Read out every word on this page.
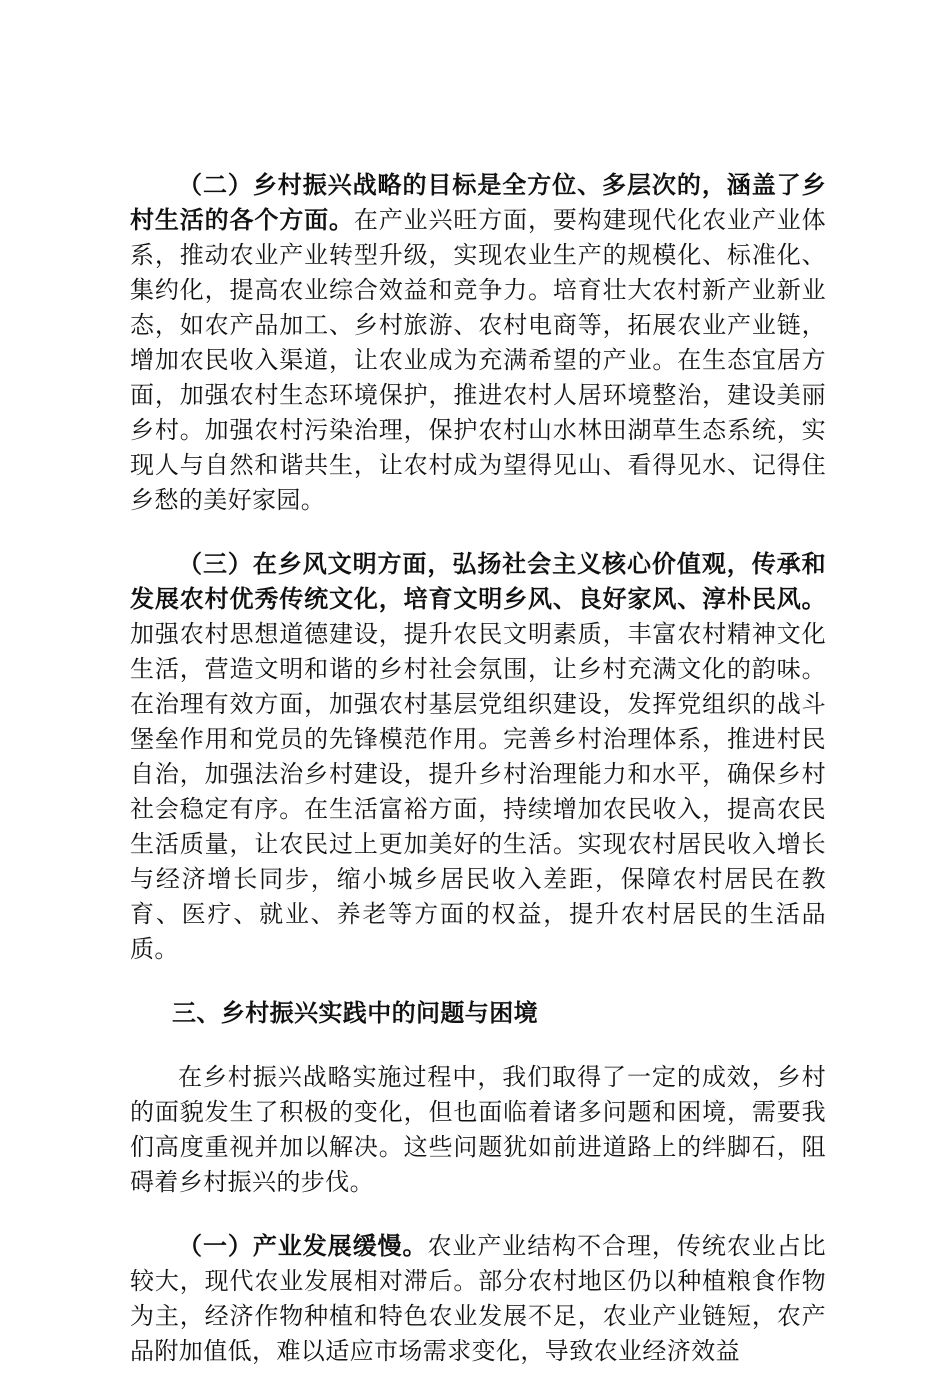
（二）乡村振兴战略的目标是全方位、多层次的，涵盖了乡村生活的各个方面。在产业兴旺方面，要构建现代化农业产业体系，推动农业产业转型升级，实现农业生产的规模化、标准化、集约化，提高农业综合效益和竞争力。培育壮大农村新产业新业态，如农产品加工、乡村旅游、农村电商等，拓展农业产业链，增加农民收入渠道，让农业成为充满希望的产业。在生态宜居方面，加强农村生态环境保护，推进农村人居环境整治，建设美丽乡村。加强农村污染治理，保护农村山水林田湖草生态系统，实现人与自然和谐共生，让农村成为望得见山、看得见水、记得住乡愁的美好家园。

（三）在乡风文明方面，弘扬社会主义核心价值观，传承和发展农村优秀传统文化，培育文明乡风、良好家风、淳朴民风。加强农村思想道德建设，提升农民文明素质，丰富农村精神文化生活，营造文明和谐的乡村社会氛围，让乡村充满文化的韵味。在治理有效方面，加强农村基层党组织建设，发挥党组织的战斗堡垒作用和党员的先锋模范作用。完善乡村治理体系，推进村民自治，加强法治乡村建设，提升乡村治理能力和水平，确保乡村社会稳定有序。在生活富裕方面，持续增加农民收入，提高农民生活质量，让农民过上更加美好的生活。实现农村居民收入增长与经济增长同步，缩小城乡居民收入差距，保障农村居民在教育、医疗、就业、养老等方面的权益，提升农村居民的生活品质。

三、乡村振兴实践中的问题与困境

在乡村振兴战略实施过程中，我们取得了一定的成效，乡村的面貌发生了积极的变化，但也面临着诸多问题和困境，需要我们高度重视并加以解决。这些问题犹如前进道路上的绊脚石，阻碍着乡村振兴的步伐。

（一）产业发展缓慢。农业产业结构不合理，传统农业占比较大，现代农业发展相对滞后。部分农村地区仍以种植粮食作物为主，经济作物种植和特色农业发展不足，农业产业链短，农产品附加值低，难以适应市场需求变化，导致农业经济效益
